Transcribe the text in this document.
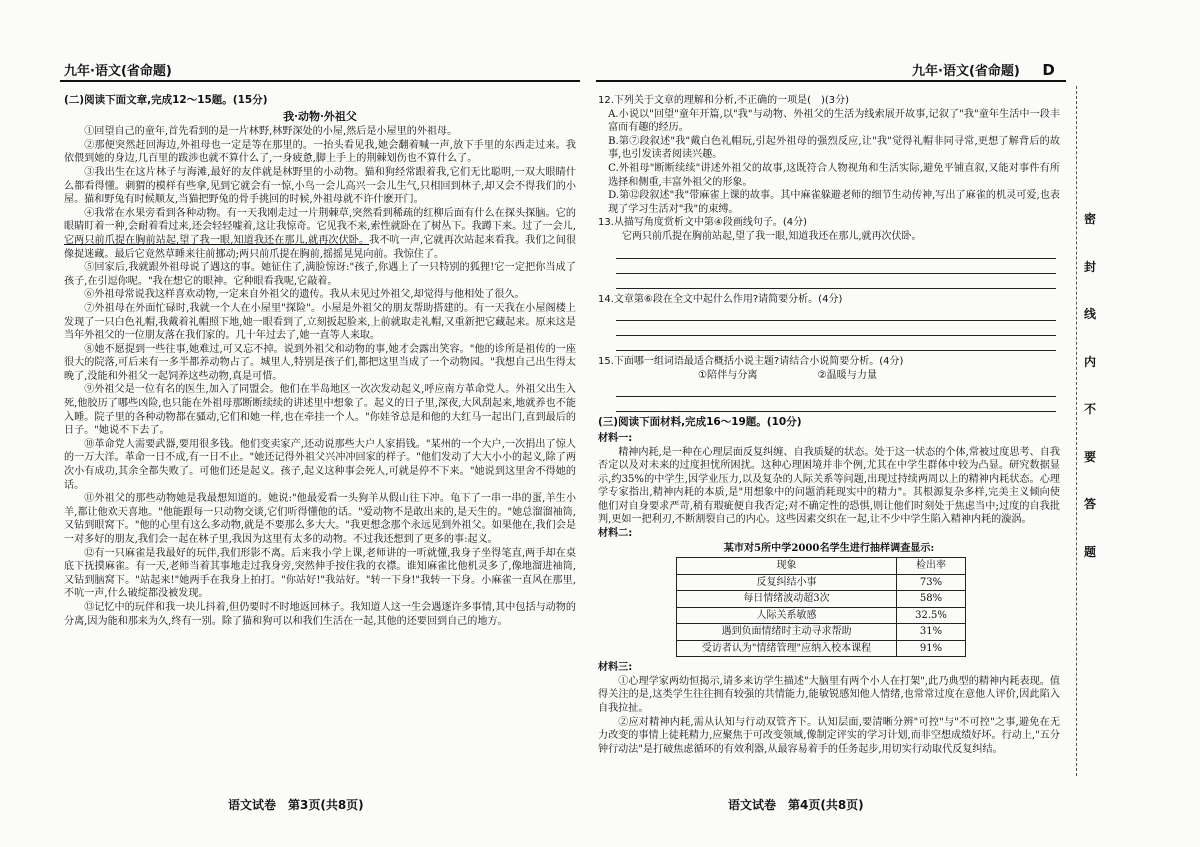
九年·语文(省命题)	九年·语文(省命题) D
(二)阅读下面文章,完成12～15题。(15分)
我·动物·外祖父

①回望自己的童年,首先看到的是一片林野,林野深处的小屋,然后是小屋里的外祖母。

②那便突然赶回海边,外祖母也一定是等在那里的。一抬头看见我,她会翻着喊一声,放下手里的东西走过来。我依偎到她的身边,几百里的跋涉也就不算什么了,一身疲惫,脚上手上的荆棘划伤也不算什么了。

③我出生在这片林子与海滩,最好的友伴就是林野里的小动物。猫和狗经常跟着我,它们无比聪明,一双大眼睛什么都看得懂。刺猬的模样有些拿,见到它就会有一惊,小鸟一会儿高兴一会儿生气,只相回到林子,却又会不得我们的小屋。猫和野兔有时候顺友,当猫把野兔的骨手挑回的时候,外祖母就不许什麽开门。

④我常在水果旁看到各种动物。有一天我刚走过一片荆棘草,突然看到稀疏的红柳后面有什么在探头探脑。它的眼睛盯着一种,会耐着看过来,还会轻轻嘘着,这让我惊奇。它见我不来,索性就卧在了树丛下。我蹲下来。过了一会儿,它两只前爪提在胸前站起,望了我一眼,知道我还在那儿,就再次伏卧。我不吭一声,它就再次站起来看我。我们之间很像捉迷藏。最后它竟然草睡来往前挪动;两只前爪提在胸前,摇摇晃晃向前。我惊住了。

⑤回家后,我就跟外祖母说了遇这的事。她征住了,满脸惊讶:"孩子,你遇上了一只特别的狐狸!它一定把你当成了孩子,在引逗你呢。"我在想它的眼神。它种眼看我呢,它敲着。

⑥外祖母常说我这样喜欢动物,一定来自外祖父的遗传。我从未见过外祖父,却觉得与他相处了很久。

⑦外祖母在外面忙碌时,我就一个人在小屋里"探险"。小屋是外祖父的朋友帮助搭建的。有一天我在小屋阁楼上发现了一只白色礼帽,我戴着礼帽照下地,她一眼看到了,立刻扳起脸来,上前就取走礼帽,又重新把它藏起来。原来这是当年外祖父的一位朋友落在我们家的。几十年过去了,她一直等人来取。

⑧她不愿提到一些往事,她难过,可又忘不掉。说到外祖父和动物的事,她才会露出笑容。"他的诊所是祖传的一座很大的院落,可后来有一多半都养动物占了。城里人,特别是孩子们,都把这里当成了一个动物园。"我想自己出生得太晚了,没能和外祖父一起饲养这些动物,真是可惜。

⑨外祖父是一位有名的医生,加入了同盟会。他们在半岛地区一次次发动起义,呼应南方革命党人。外祖父出生入死,他胶历了哪些凶险,也只能在外祖母那断断续续的讲述里中想象了。起义的日子里,深夜,大风刮起来,地就养也不能入睡。院子里的各种动物都在骚动,它们和她一样,也在牵挂一个人。"你娃爷总是和他的大红马一起出门,直到最后的日子。"她说不下去了。

⑩革命党人需要武器,要用很多钱。他们变卖家产,还动说那些大户人家捐钱。"某州的一个大户,一次捐出了惊人的一万大洋。革命一日不成,有一日不止。"她还记得外祖父兴冲冲回家的样子。"他们发动了大大小小的起义,除了两次小有成功,其余全都失败了。可他们还是起义。孩子,起义这种事会死人,可就是停不下来。"她说到这里舍不得她的话。

⑪外祖父的那些动物她是我最想知道的。她说:"他最爱看一头狗羊从假山往下冲。龟下了一串一串的蛋,羊生小羊,都让他欢天喜地。"他能跟每一只动物交谈,它们听得懂他的话。"爱动物不是敢出来的,是天生的。"她总溜溜袖筒,又钻到眼窝下。"他的心里有这么多动物,就是不要那么多大大。"我更想念那个永远见到外祖父。如果他在,我们会是一对多好的朋友,我们会一起在林子里,我因为这里有太多的动物。不过我还想到了更多的事:起义。

⑫有一只麻雀是我最好的玩伴,我们形影不离。后来我小学上课,老师讲的一听就懂,我身子坐得笔直,两手却在桌底下抚摸麻雀。有一天,老师当着其事地走过我身旁,突然伸手按住我的衣襟。谁知麻雀比他机灵多了,像地溜进袖筒,又钻到脑窝下。"站起来!"她两手在我身上拍打。"你站好!"我站好。"转一下身!"我转一下身。小麻雀一直风在那里,不吭一声,什么破绽都没被发现。

⑬记忆中的玩伴和我一块儿抖着,但仍要时不时地返回林子。我知道人这一生会遇逐许多事情,其中包括与动物的分离,因为能和那来为久,终有一别。除了猫和狗可以和我们生活在一起,其他的还要回到自己的地方。

12.下列关于文章的理解和分析,不正确的一项是(　)(3分)
A.小说以"回望"童年开篇,以"我"与动物、外祖父的生活为线索展开故事,记叙了"我"童年生活中一段丰富而有趣的经历。
B.第⑦段叙述"我"戴白色礼帽玩,引起外祖母的强烈反应,让"我"觉得礼帽非同寻常,更想了解背后的故事,也引发读者阅读兴趣。
C.外祖母"断断续续"讲述外祖父的故事,这既符合人物视角和生活实际,避免平铺直叙,又能对事件有所选择和侧重,丰富外祖父的形象。
D.第⑫段叙述"我"带麻雀上课的故事。其中麻雀躲避老师的细节生动传神,写出了麻雀的机灵可爱,也表现了学习生活对"我"的束缚。
13.从描写角度赏析文中第④段画线句子。(4分)
它两只前爪提在胸前站起,望了我一眼,知道我还在那儿,就再次伏卧。
14.文章第⑥段在全文中起什么作用?请简要分析。(4分)
15.下面哪一组词语最适合概括小说主题?请结合小说简要分析。(4分)
①陪伴与分离	②温暖与力量
(三)阅读下面材料,完成16～19题。(10分)
材料一:

精神内耗,是一种在心理层面反复纠缠、自我质疑的状态。处于这一状态的个体,常被过度思考、自我否定以及对未来的过度担忧所困扰。这种心理困境并非个例,尤其在中学生群体中较为凸显。研究数据显示,约35%的中学生,因学业压力,以及复杂的人际关系等问题,出现过持续两周以上的精神内耗状态。心理学专家指出,精神内耗的本质,是"用想象中的问题消耗现实中的精力"。其根源复杂多样,完美主义倾向使他们对自身要求严苛,稍有瑕疵便自我否定;对不确定性的恐惧,则让他们时刻处于焦虑当中;过度的自我批判,更如一把利刃,不断割裂自己的内心。这些因素交织在一起,让不少中学生陷入精神内耗的漩涡。

材料二:
某市对5所中学2000名学生进行抽样调查显示:
现象	检出率
反复纠结小事	73%
每日情绪波动超3次	58%
人际关系敏感	32.5%
遇到负面情绪时主动寻求帮助	31%
受访者认为"情绪管理"应纳入校本课程	91%
材料三:

①心理学家两幼恒揭示,请多来访学生描述"大脑里有两个小人在打架",此乃典型的精神内耗表现。值得关注的是,这类学生往往拥有较强的共情能力,能敏锐感知他人情绪,也常常过度在意他人评价,因此陷入自我拉扯。

②应对精神内耗,需从认知与行动双管齐下。认知层面,要清晰分辨"可控"与"不可控"之事,避免在无力改变的事情上徒耗精力,应聚焦于可改变领域,像制定评实的学习计划,而非空想成绩好坏。行动上,"五分钟行动法"是打破焦虑循环的有效利器,从最容易着手的任务起步,用切实行动取代反复纠结。

语文试卷　第3页(共8页)	语文试卷　第4页(共8页)
密
封
线
内
不
要
答
题
